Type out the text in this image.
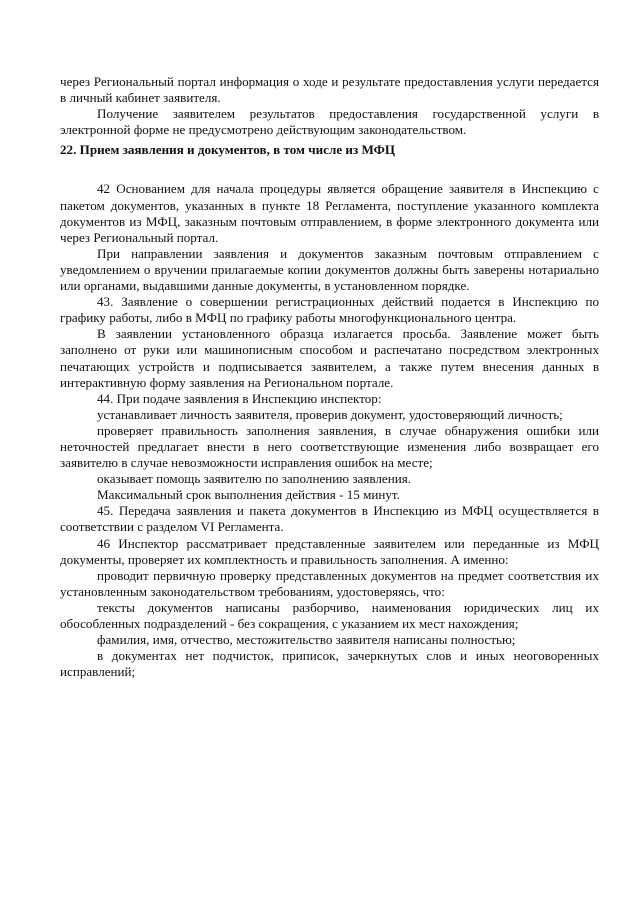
через Региональный портал информация о ходе и результате предоставления услуги передается в личный кабинет заявителя.

Получение заявителем результатов предоставления государственной услуги в электронной форме не предусмотрено действующим законодательством.

22. Прием заявления и документов, в том числе из МФЦ

42 Основанием для начала процедуры является обращение заявителя в Инспекцию с пакетом документов, указанных в пункте 18 Регламента, поступление указанного комплекта документов из МФЦ, заказным почтовым отправлением, в форме электронного документа или через Региональный портал.

При направлении заявления и документов заказным почтовым отправлением с уведомлением о вручении прилагаемые копии документов должны быть заверены нотариально или органами, выдавшими данные документы, в установленном порядке.

43. Заявление о совершении регистрационных действий подается в Инспекцию по графику работы, либо в МФЦ по графику работы многофункционального центра.

В заявлении установленного образца излагается просьба. Заявление может быть заполнено от руки или машинописным способом и распечатано посредством электронных печатающих устройств и подписывается заявителем, а также путем внесения данных в интерактивную форму заявления на Региональном портале.

44. При подаче заявления в Инспекцию инспектор:

устанавливает личность заявителя, проверив документ, удостоверяющий личность;

проверяет правильность заполнения заявления, в случае обнаружения ошибки или неточностей предлагает внести в него соответствующие изменения либо возвращает его заявителю в случае невозможности исправления ошибок на месте;

оказывает помощь заявителю по заполнению заявления.

Максимальный срок выполнения действия - 15 минут.

45. Передача заявления и пакета документов в Инспекцию из МФЦ осуществляется в соответствии с разделом VI Регламента.

46 Инспектор рассматривает представленные заявителем или переданные из МФЦ документы, проверяет их комплектность и правильность заполнения. А именно:

проводит первичную проверку представленных документов на предмет соответствия их установленным законодательством требованиям, удостоверяясь, что:

тексты документов написаны разборчиво, наименования юридических лиц их обособленных подразделений - без сокращения, с указанием их мест нахождения;

фамилия, имя, отчество, местожительство заявителя написаны полностью;

в документах нет подчисток, приписок, зачеркнутых слов и иных неоговоренных исправлений;
